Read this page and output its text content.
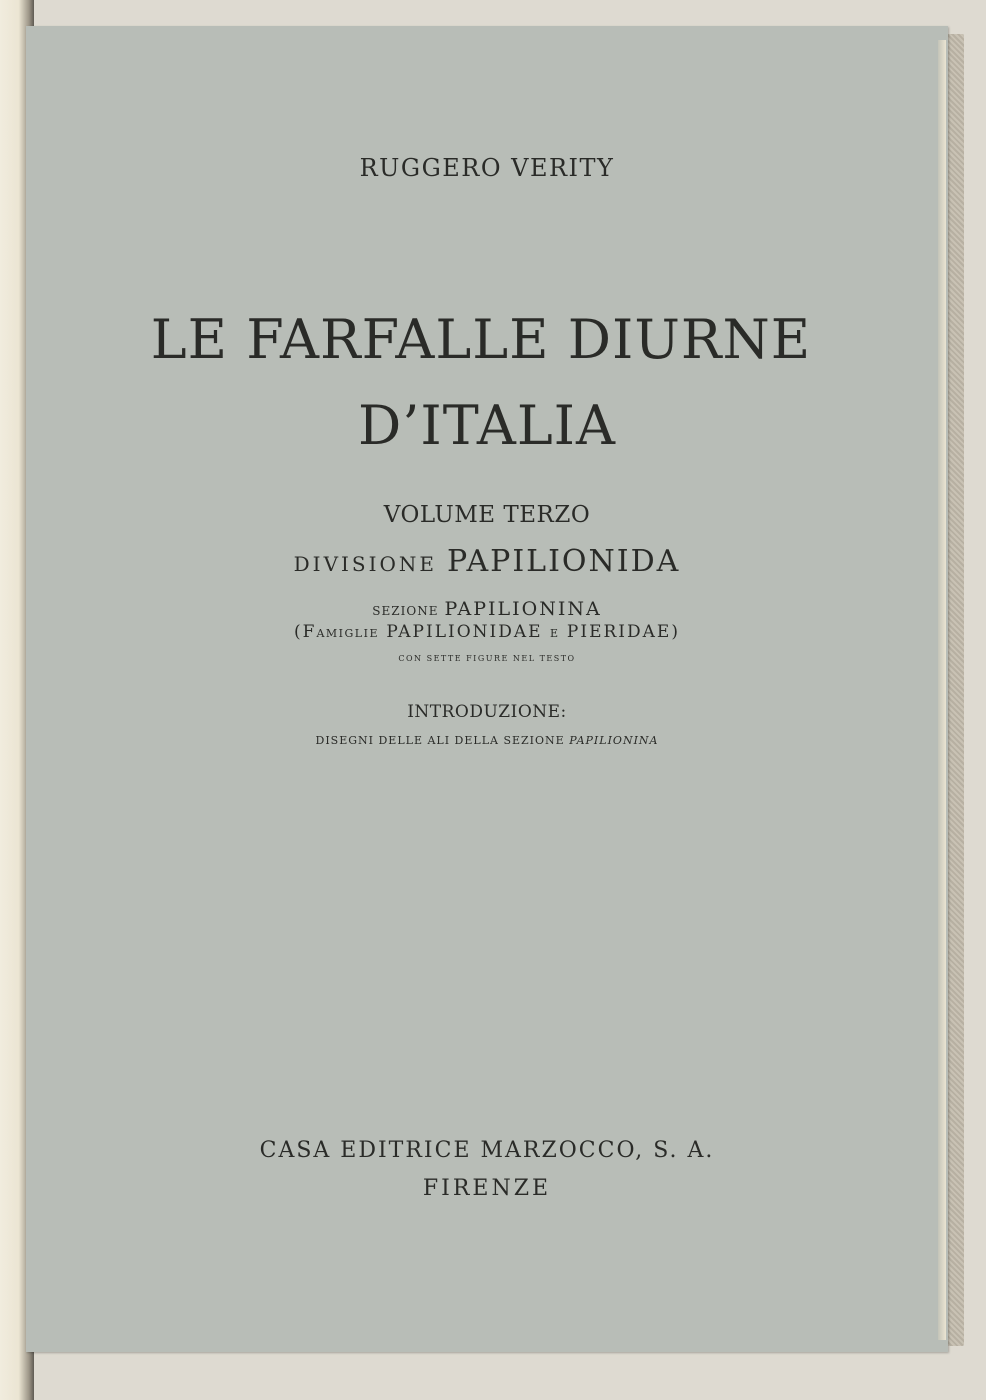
RUGGERO VERITY
LE FARFALLE DIURNE
D’ITALIA
VOLUME TERZO
DIVISIONE PAPILIONIDA
SEZIONE PAPILIONINA
(FAMIGLIE PAPILIONIDAE E PIERIDAE)
CON SETTE FIGURE NEL TESTO
INTRODUZIONE:
DISEGNI DELLE ALI DELLA SEZIONE PAPILIONINA
CASA EDITRICE MARZOCCO, S. A.
FIRENZE
